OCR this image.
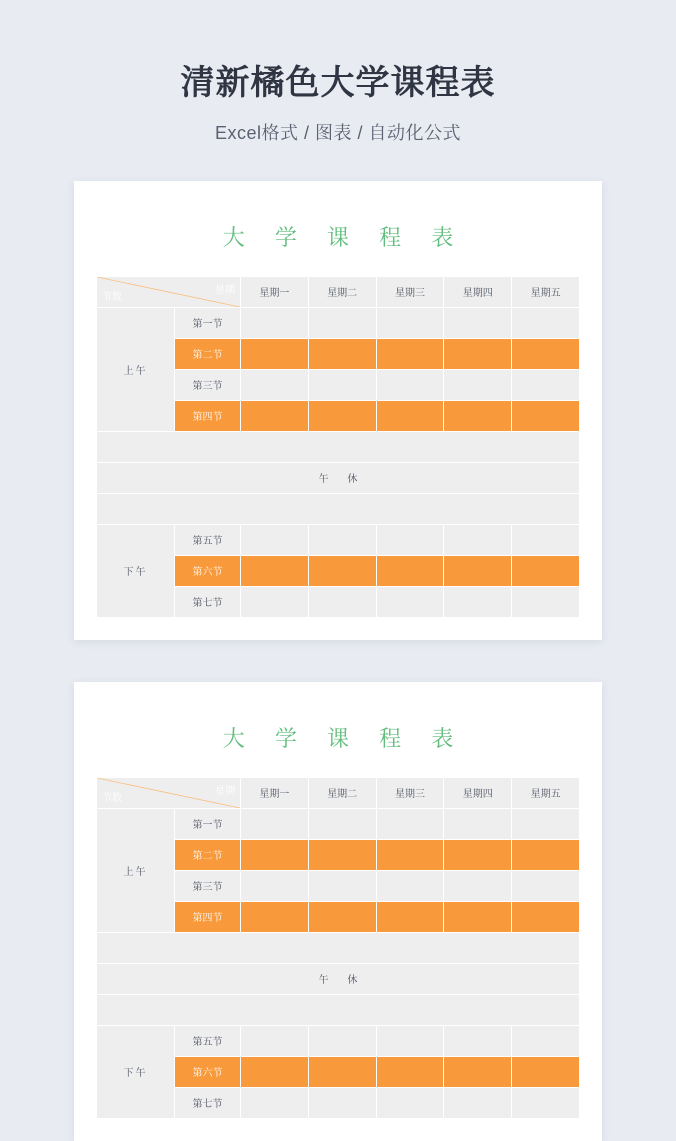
清新橘色大学课程表
Excel格式 / 图表 / 自动化公式
大 学 课 程 表
节数
星期		星期一	星期二	星期三	星期四	星期五
上午	第一节					
	第二节					
	第三节					
	第四节					

午 休						

下午	第五节					
	第六节					
	第七节					
大 学 课 程 表
节数
星期		星期一	星期二	星期三	星期四	星期五
上午	第一节					
	第二节					
	第三节					
	第四节					

午 休						

下午	第五节					
	第六节					
	第七节					
